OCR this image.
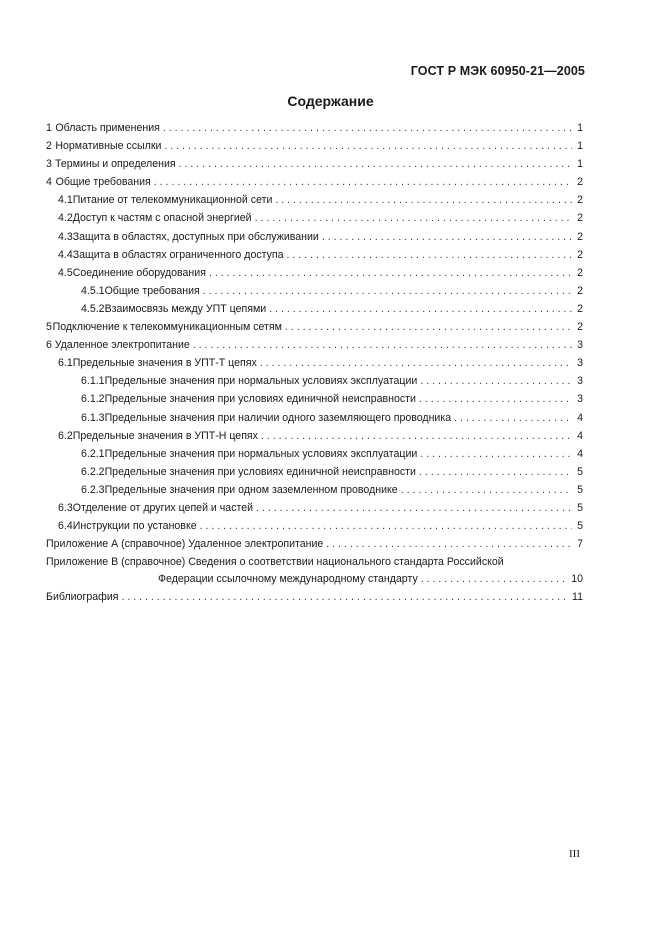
ГОСТ Р МЭК 60950-21—2005
Содержание
1 Область применения . . .	1
2 Нормативные ссылки . . .	1
3 Термины и определения . . .	1
4 Общие требования . . .	2
4.1 Питание от телекоммуникационной сети . . .	2
4.2 Доступ к частям с опасной энергией . . .	2
4.3 Защита в областях, доступных при обслуживании . . .	2
4.4 Защита в областях ограниченного доступа . . .	2
4.5 Соединение оборудования . . .	2
4.5.1 Общие требования . . .	2
4.5.2 Взаимосвязь между УПТ цепями . . .	2
5 Подключение к телекоммуникационным сетям . . .	2
6 Удаленное электропитание . . .	3
6.1 Предельные значения в УПТ-Т цепях . . .	3
6.1.1 Предельные значения при нормальных условиях эксплуатации . . .	3
6.1.2 Предельные значения при условиях единичной неисправности . . .	3
6.1.3 Предельные значения при наличии одного заземляющего проводника . . .	4
6.2 Предельные значения в УПТ-Н цепях . . .	4
6.2.1 Предельные значения при нормальных условиях эксплуатации . . .	4
6.2.2 Предельные значения при условиях единичной неисправности . . .	5
6.2.3 Предельные значения при одном заземленном проводнике . . .	5
6.3 Отделение от других цепей и частей . . .	5
6.4 Инструкции по установке . . .	5
Приложение А (справочное) Удаленное электропитание . . .	7
Приложение В (справочное) Сведения о соответствии национального стандарта Российской
Федерации ссылочному международному стандарту . . .	10
Библиография . . .	11
III
